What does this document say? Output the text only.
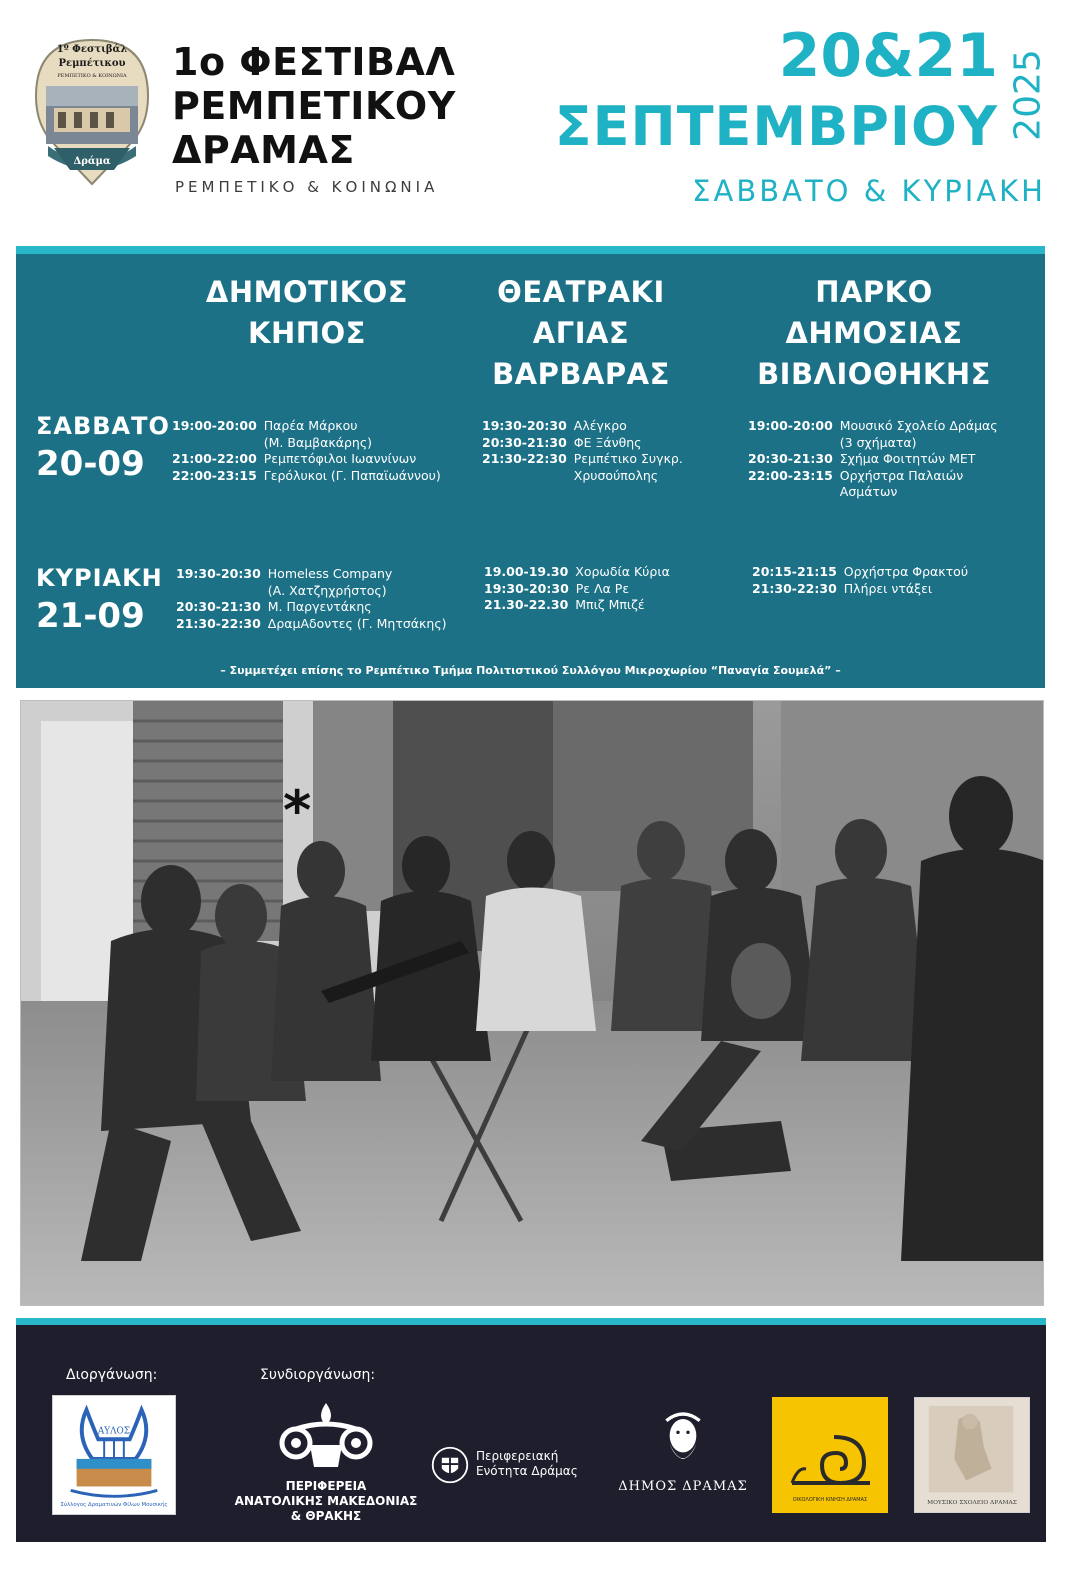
1º Φεστιβάλ
Ρεμπέτικου
ΡΕΜΠΕΤΙΚΟ & ΚΟΙΝΩΝΙΑ
Δράμα
1ο ΦΕΣΤΙΒΑΛ
ΡΕΜΠΕΤΙΚΟΥ
ΔΡΑΜΑΣ
ΡΕΜΠΕΤΙΚΟ & ΚΟΙΝΩΝΙΑ
20&21
ΣΕΠΤΕΜΒΡΙΟΥ 2025
ΣΑΒΒΑΤΟ & ΚΥΡΙΑΚΗ
ΔΗΜΟΤΙΚΟΣ
ΚΗΠΟΣ
ΘΕΑΤΡΑΚΙ
ΑΓΙΑΣ
ΒΑΡΒΑΡΑΣ
ΠΑΡΚΟ
ΔΗΜΟΣΙΑΣ
ΒΙΒΛΙΟΘΗΚΗΣ
ΣΑΒΒΑΤΟ
20-09
19:00-20:00 Παρέα Μάρκου
(Μ. Βαμβακάρης)
21:00-22:00 Ρεμπετόφιλοι Ιωαννίνων
22:00-23:15 Γερόλυκοι (Γ. Παπαϊωάννου)
19:30-20:30 Αλέγκρο
20:30-21:30 ΦΕ Ξάνθης
21:30-22:30 Ρεμπέτικο Συγκρ.
Χρυσούπολης
19:00-20:00 Μουσικό Σχολείο Δράμας
(3 σχήματα)
20:30-21:30 Σχήμα Φοιτητών ΜΕΤ
22:00-23:15 Ορχήστρα Παλαιών
Ασμάτων
ΚΥΡΙΑΚΗ
21-09
19:30-20:30 Homeless Company
(Α. Χατζηχρήστος)
20:30-21:30 Μ. Παργεντάκης
21:30-22:30 ΔραμΑδοντες (Γ. Μητσάκης)
19.00-19.30 Χορωδία Κύρια
19:30-20:30 Ρε Λα Ρε
21.30-22.30 Μπιζ Μπιζέ
20:15-21:15 Ορχήστρα Φρακτού
21:30-22:30 Πλήρει ντάξει
– Συμμετέχει επίσης το Ρεμπέτικο Τμήμα Πολιτιστικού Συλλόγου Μικροχωρίου “Παναγία Σουμελά” –
*
Διοργάνωση:	Συνδιοργάνωση:
ΑΥΛΟΣ
Σύλλογος Δραματινών Φίλων Μουσικής
ΠΕΡΙΦΕΡΕΙΑ
ΑΝΑΤΟΛΙΚΗΣ ΜΑΚΕΔΟΝΙΑΣ
& ΘΡΑΚΗΣ
Περιφερειακή
Ενότητα Δράμας
ΔΗΜΟΣ ΔΡΑΜΑΣ
ΟΙΚΟΛΟΓΙΚΗ ΚΙΝΗΣΗ ΔΡΑΜΑΣ
ΜΟΥΣΙΚΟ ΣΧΟΛΕΙΟ ΔΡΑΜΑΣ
